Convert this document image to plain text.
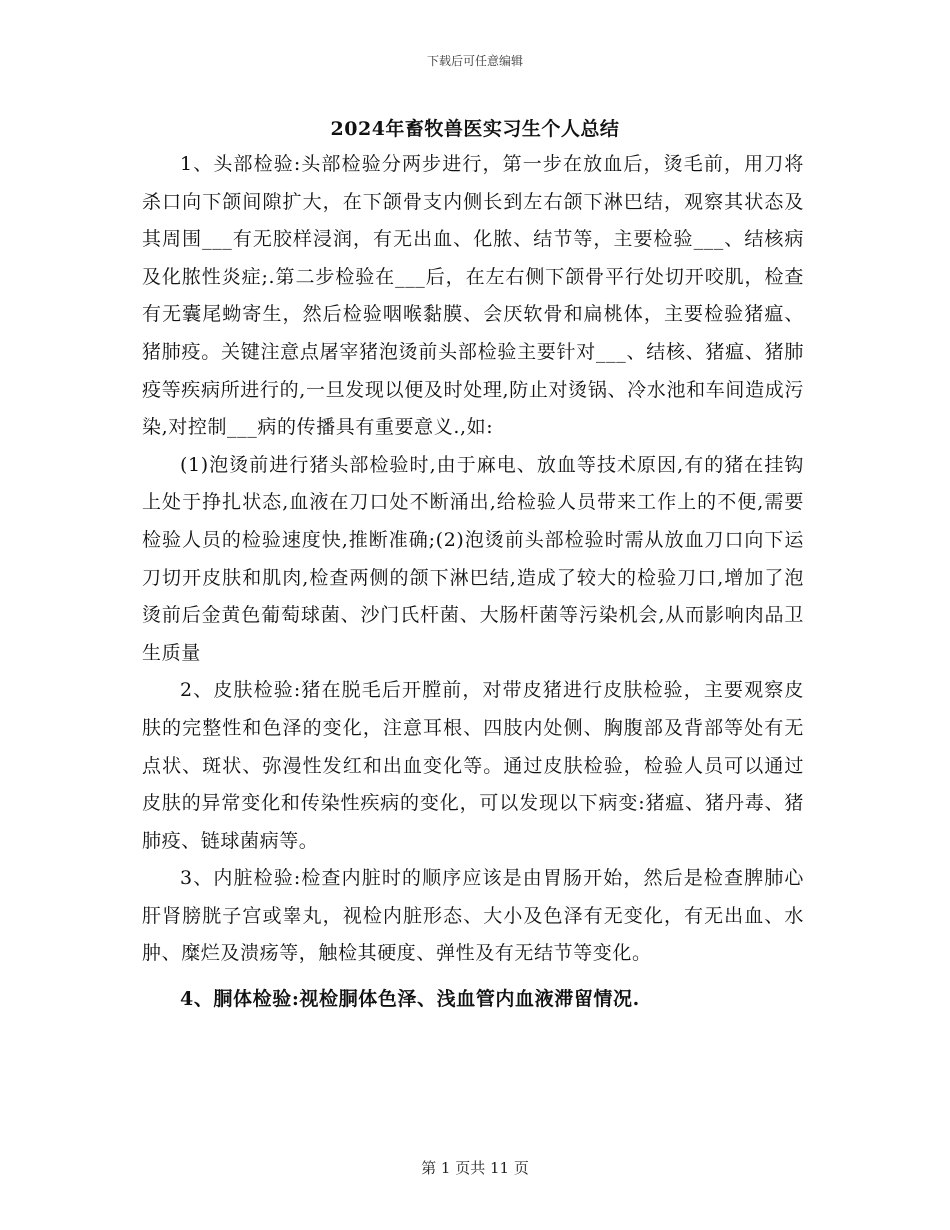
下载后可任意编辑
2024年畜牧兽医实习生个人总结

1、头部检验:头部检验分两步进行，第一步在放血后，烫毛前，用刀将杀口向下颌间隙扩大，在下颌骨支内侧长到左右颌下淋巴结，观察其状态及其周围___有无胶样浸润，有无出血、化脓、结节等，主要检验___、结核病及化脓性炎症;.第二步检验在___后，在左右侧下颌骨平行处切开咬肌，检查有无囊尾蚴寄生，然后检验咽喉黏膜、会厌软骨和扁桃体，主要检验猪瘟、猪肺疫。关键注意点屠宰猪泡烫前头部检验主要针对___、结核、猪瘟、猪肺疫等疾病所进行的,一旦发现以便及时处理,防止对烫锅、冷水池和车间造成污染,对控制___病的传播具有重要意义.,如:

(1)泡烫前进行猪头部检验时,由于麻电、放血等技术原因,有的猪在挂钩上处于挣扎状态,血液在刀口处不断涌出,给检验人员带来工作上的不便,需要检验人员的检验速度快,推断准确;(2)泡烫前头部检验时需从放血刀口向下运刀切开皮肤和肌肉,检查两侧的颌下淋巴结,造成了较大的检验刀口,增加了泡烫前后金黄色葡萄球菌、沙门氏杆菌、大肠杆菌等污染机会,从而影响肉品卫生质量

2、皮肤检验:猪在脱毛后开膛前，对带皮猪进行皮肤检验，主要观察皮肤的完整性和色泽的变化，注意耳根、四肢内处侧、胸腹部及背部等处有无点状、斑状、弥漫性发红和出血变化等。通过皮肤检验，检验人员可以通过皮肤的异常变化和传染性疾病的变化，可以发现以下病变:猪瘟、猪丹毒、猪肺疫、链球菌病等。

3、内脏检验:检查内脏时的顺序应该是由胃肠开始，然后是检查脾肺心肝肾膀胱子宫或睾丸，视检内脏形态、大小及色泽有无变化，有无出血、水肿、糜烂及溃疡等，触检其硬度、弹性及有无结节等变化。

4、胴体检验:视检胴体色泽、浅血管内血液滞留情况.

第 1 页共 11 页
